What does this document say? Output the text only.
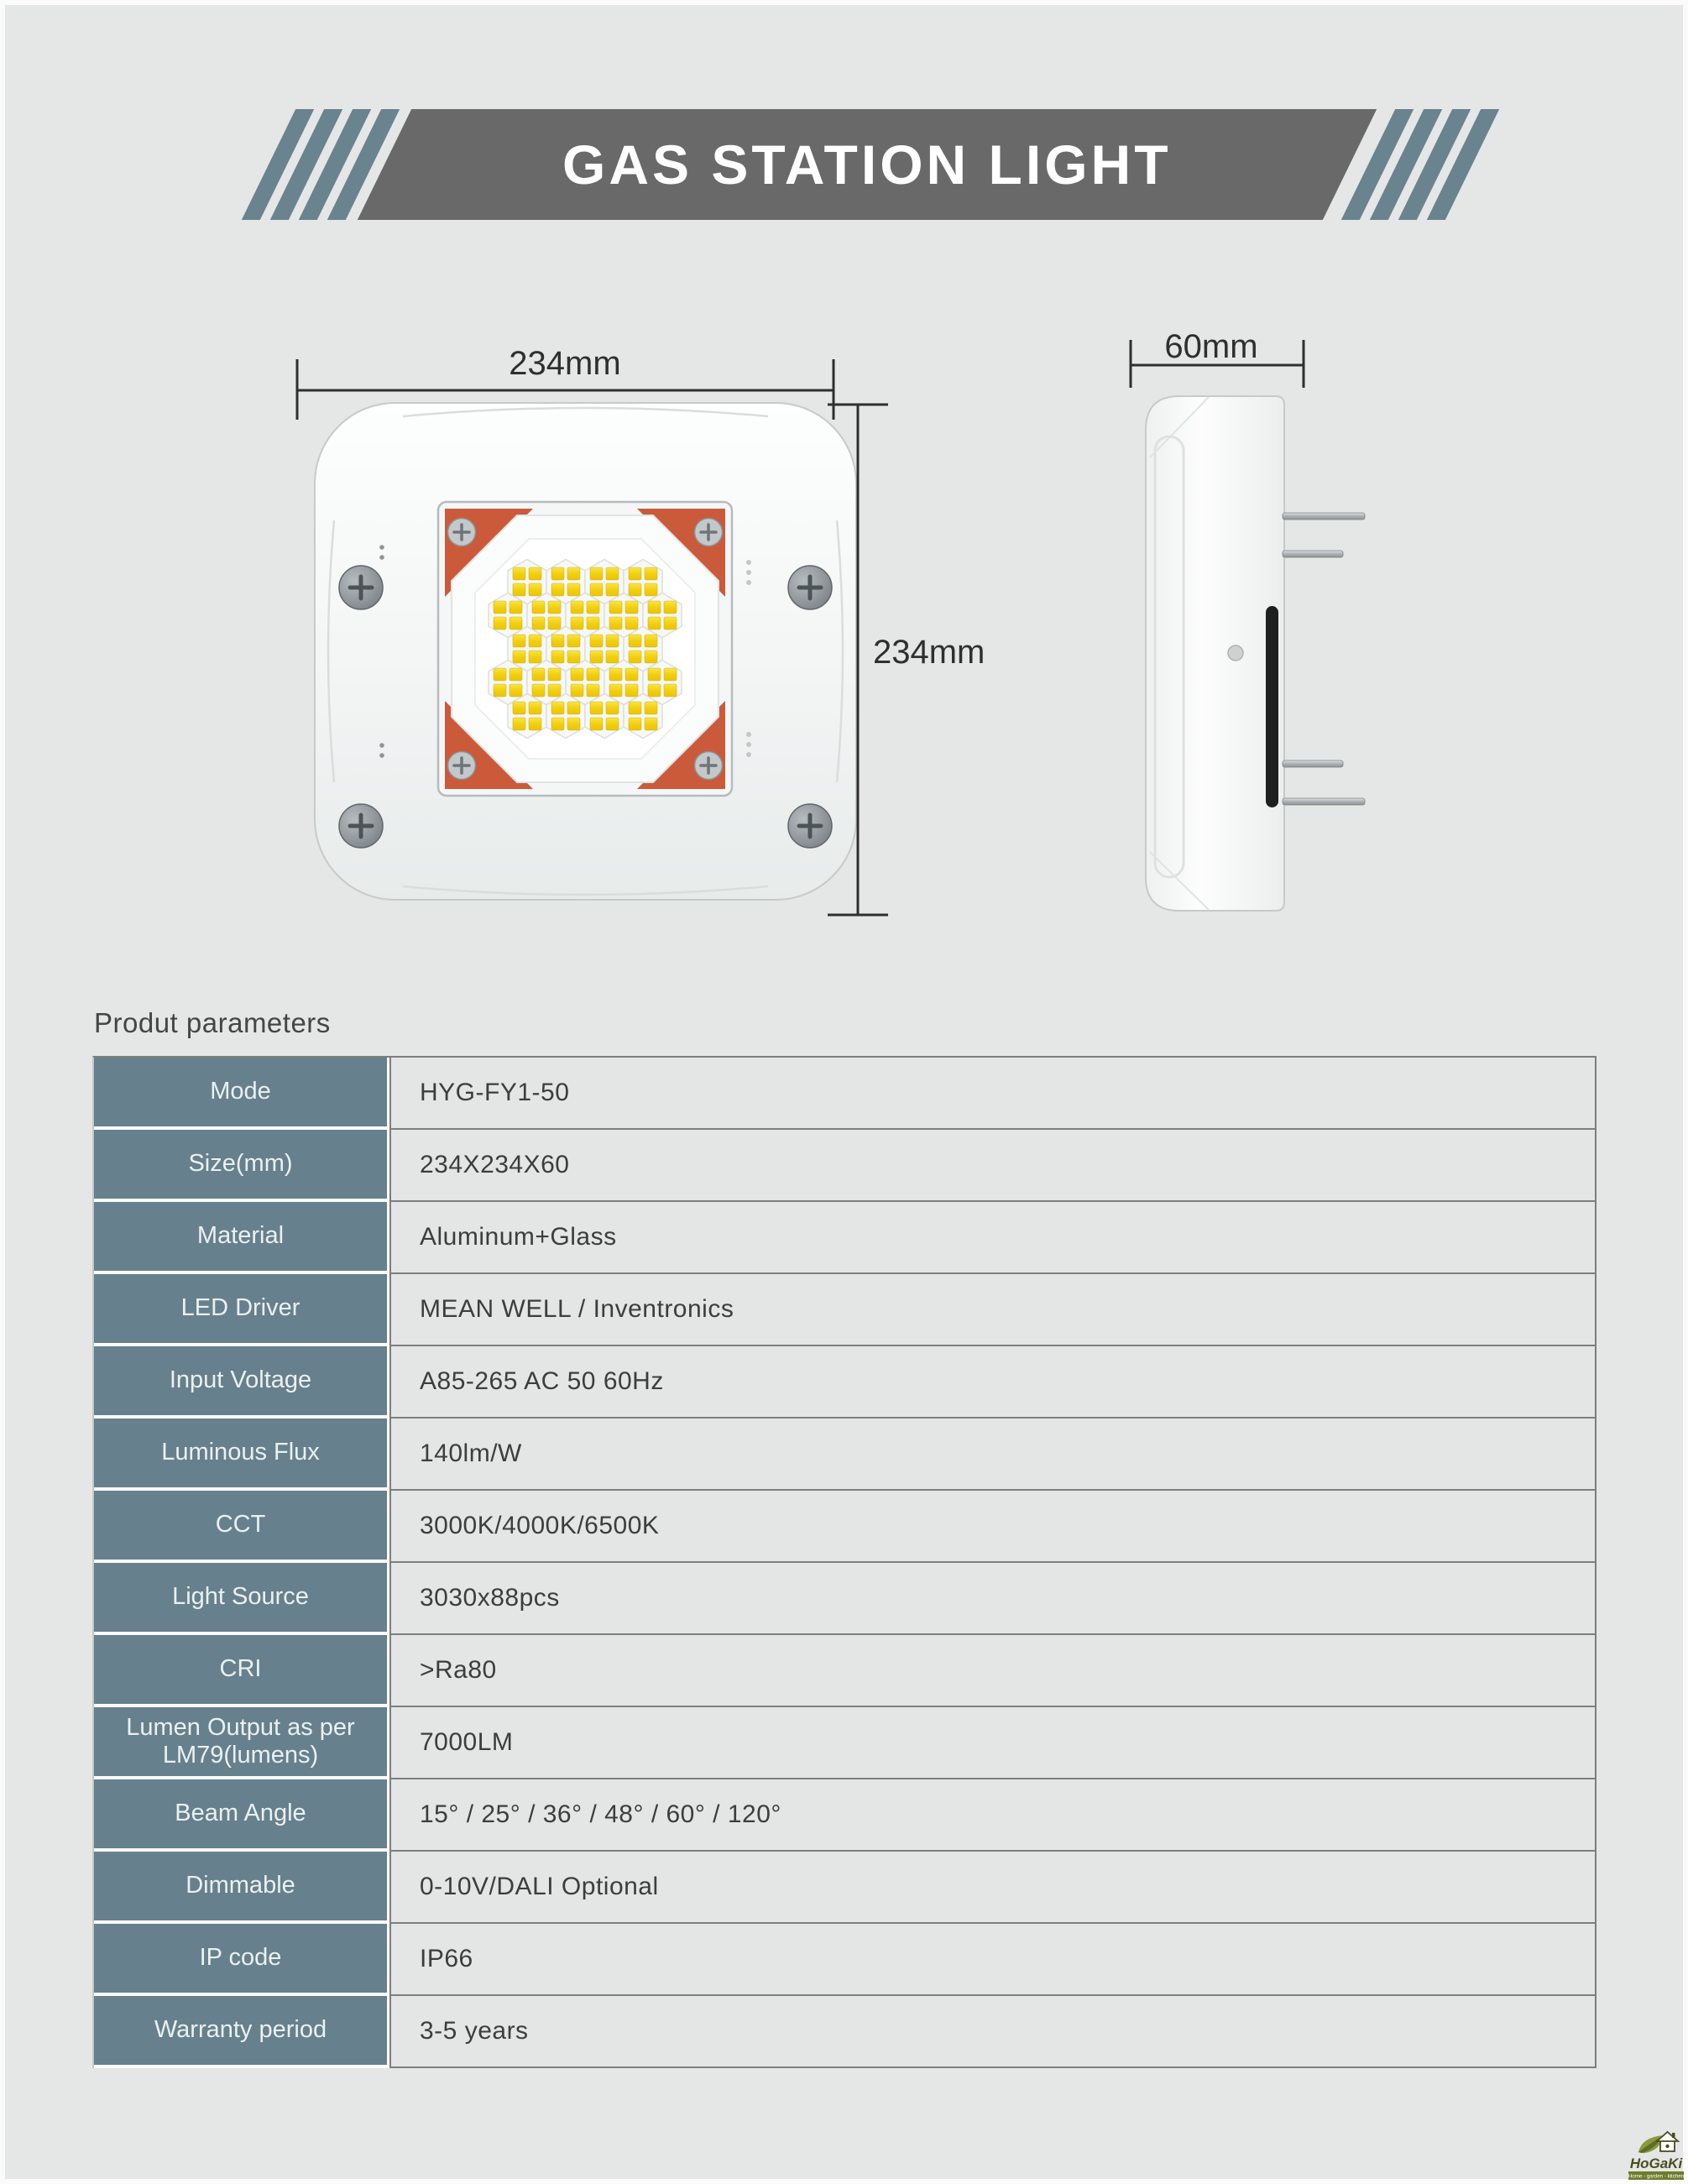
GAS STATION LIGHT
234mm
234mm
60mm
Produt parameters
Mode	HYG-FY1-50
Size(mm)	234X234X60
Material	Aluminum+Glass
LED Driver	MEAN WELL / Inventronics
Input Voltage	A85-265 AC 50 60Hz
Luminous Flux	140lm/W
CCT	3000K/4000K/6500K
Light Source	3030x88pcs
CRI	>Ra80
Lumen Output as per LM79(lumens)	7000LM
Beam Angle	15° / 25° / 36° / 48° / 60° / 120°
Dimmable	0-10V/DALI Optional
IP code	IP66
Warranty period	3-5 years
HoGaKi
Home - garden - kitchen
